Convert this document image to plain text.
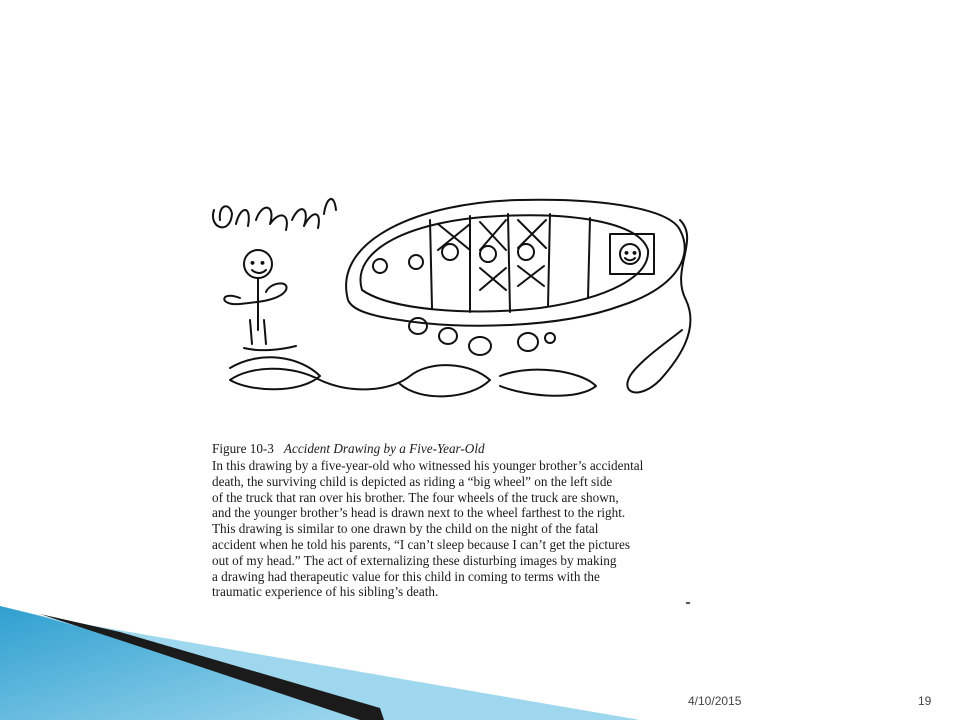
Figure 10-3 Accident Drawing by a Five-Year-Old

In this drawing by a five-year-old who witnessed his younger brother’s accidental

death, the surviving child is depicted as riding a “big wheel” on the left side

of the truck that ran over his brother. The four wheels of the truck are shown,

and the younger brother’s head is drawn next to the wheel farthest to the right.

This drawing is similar to one drawn by the child on the night of the fatal

accident when he told his parents, “I can’t sleep because I can’t get the pictures

out of my head.” The act of externalizing these disturbing images by making

a drawing had therapeutic value for this child in coming to terms with the

traumatic experience of his sibling’s death.

4/10/2015	19
